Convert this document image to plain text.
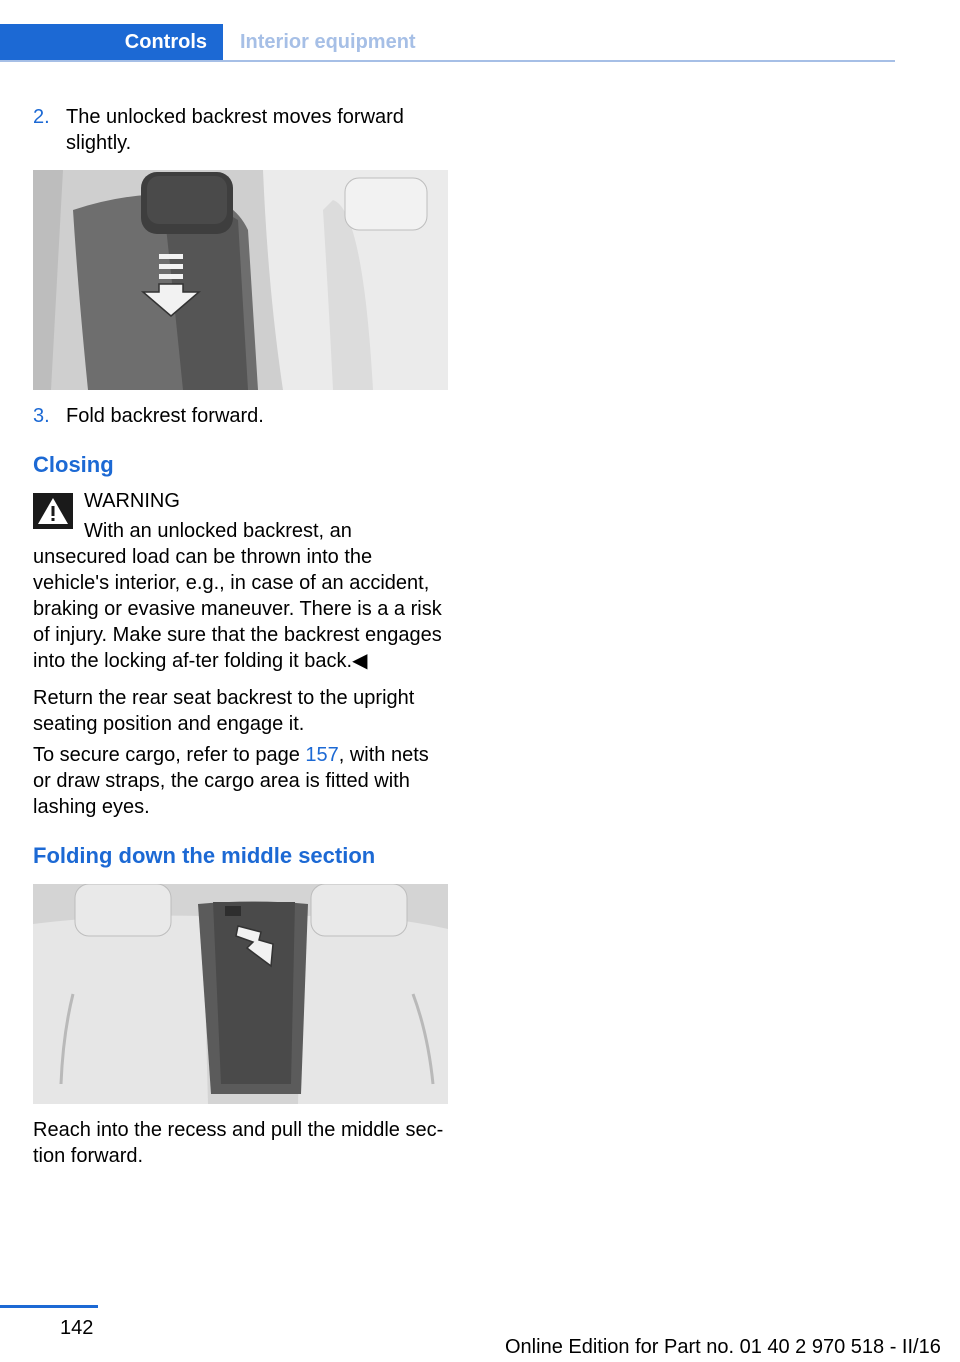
Controls	Interior equipment
2. The unlocked backrest moves forward slightly.
3. Fold backrest forward.
Closing
WARNING
With an unlocked backrest, an unsecured load can be thrown into the vehicle's interior, e.g., in case of an accident, braking or evasive maneuver. There is a a risk of injury. Make sure that the backrest engages into the locking af‐ter folding it back.◀
Return the rear seat backrest to the upright seating position and engage it.
To secure cargo, refer to page 157, with nets or draw straps, the cargo area is fitted with lashing eyes.
Folding down the middle section
Reach into the recess and pull the middle sec‐tion forward.
142
Online Edition for Part no. 01 40 2 970 518 - II/16
